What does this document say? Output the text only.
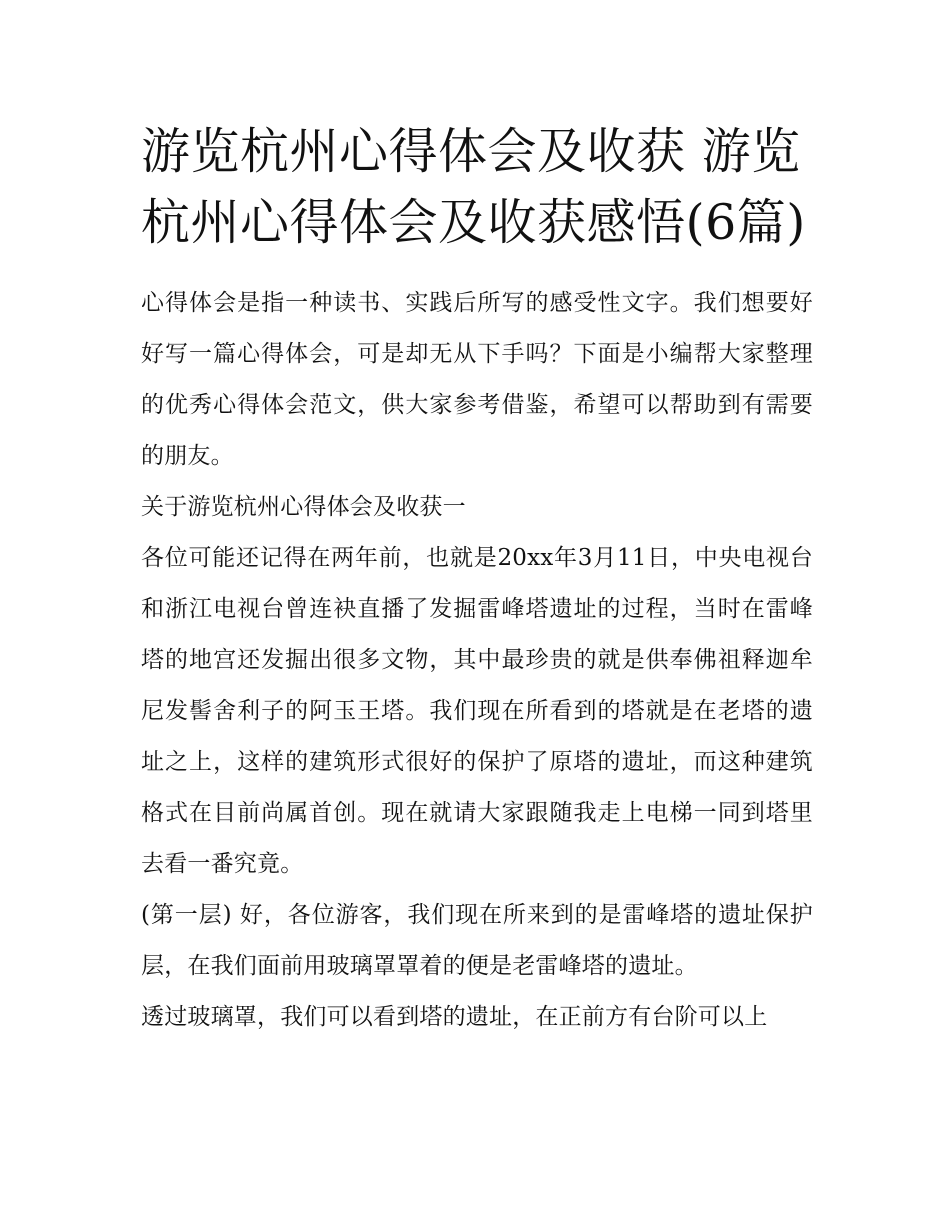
游览杭州心得体会及收获 游览杭州心得体会及收获感悟(6篇)

心得体会是指一种读书、实践后所写的感受性文字。我们想要好好写一篇心得体会，可是却无从下手吗？下面是小编帮大家整理的优秀心得体会范文，供大家参考借鉴，希望可以帮助到有需要的朋友。

关于游览杭州心得体会及收获一

各位可能还记得在两年前，也就是20xx年3月11日，中央电视台和浙江电视台曾连袂直播了发掘雷峰塔遗址的过程，当时在雷峰塔的地宫还发掘出很多文物，其中最珍贵的就是供奉佛祖释迦牟尼发髻舍利子的阿玉王塔。我们现在所看到的塔就是在老塔的遗址之上，这样的建筑形式很好的保护了原塔的遗址，而这种建筑格式在目前尚属首创。现在就请大家跟随我走上电梯一同到塔里去看一番究竟。

(第一层) 好，各位游客，我们现在所来到的是雷峰塔的遗址保护层，在我们面前用玻璃罩罩着的便是老雷峰塔的遗址。

透过玻璃罩，我们可以看到塔的遗址，在正前方有台阶可以上
